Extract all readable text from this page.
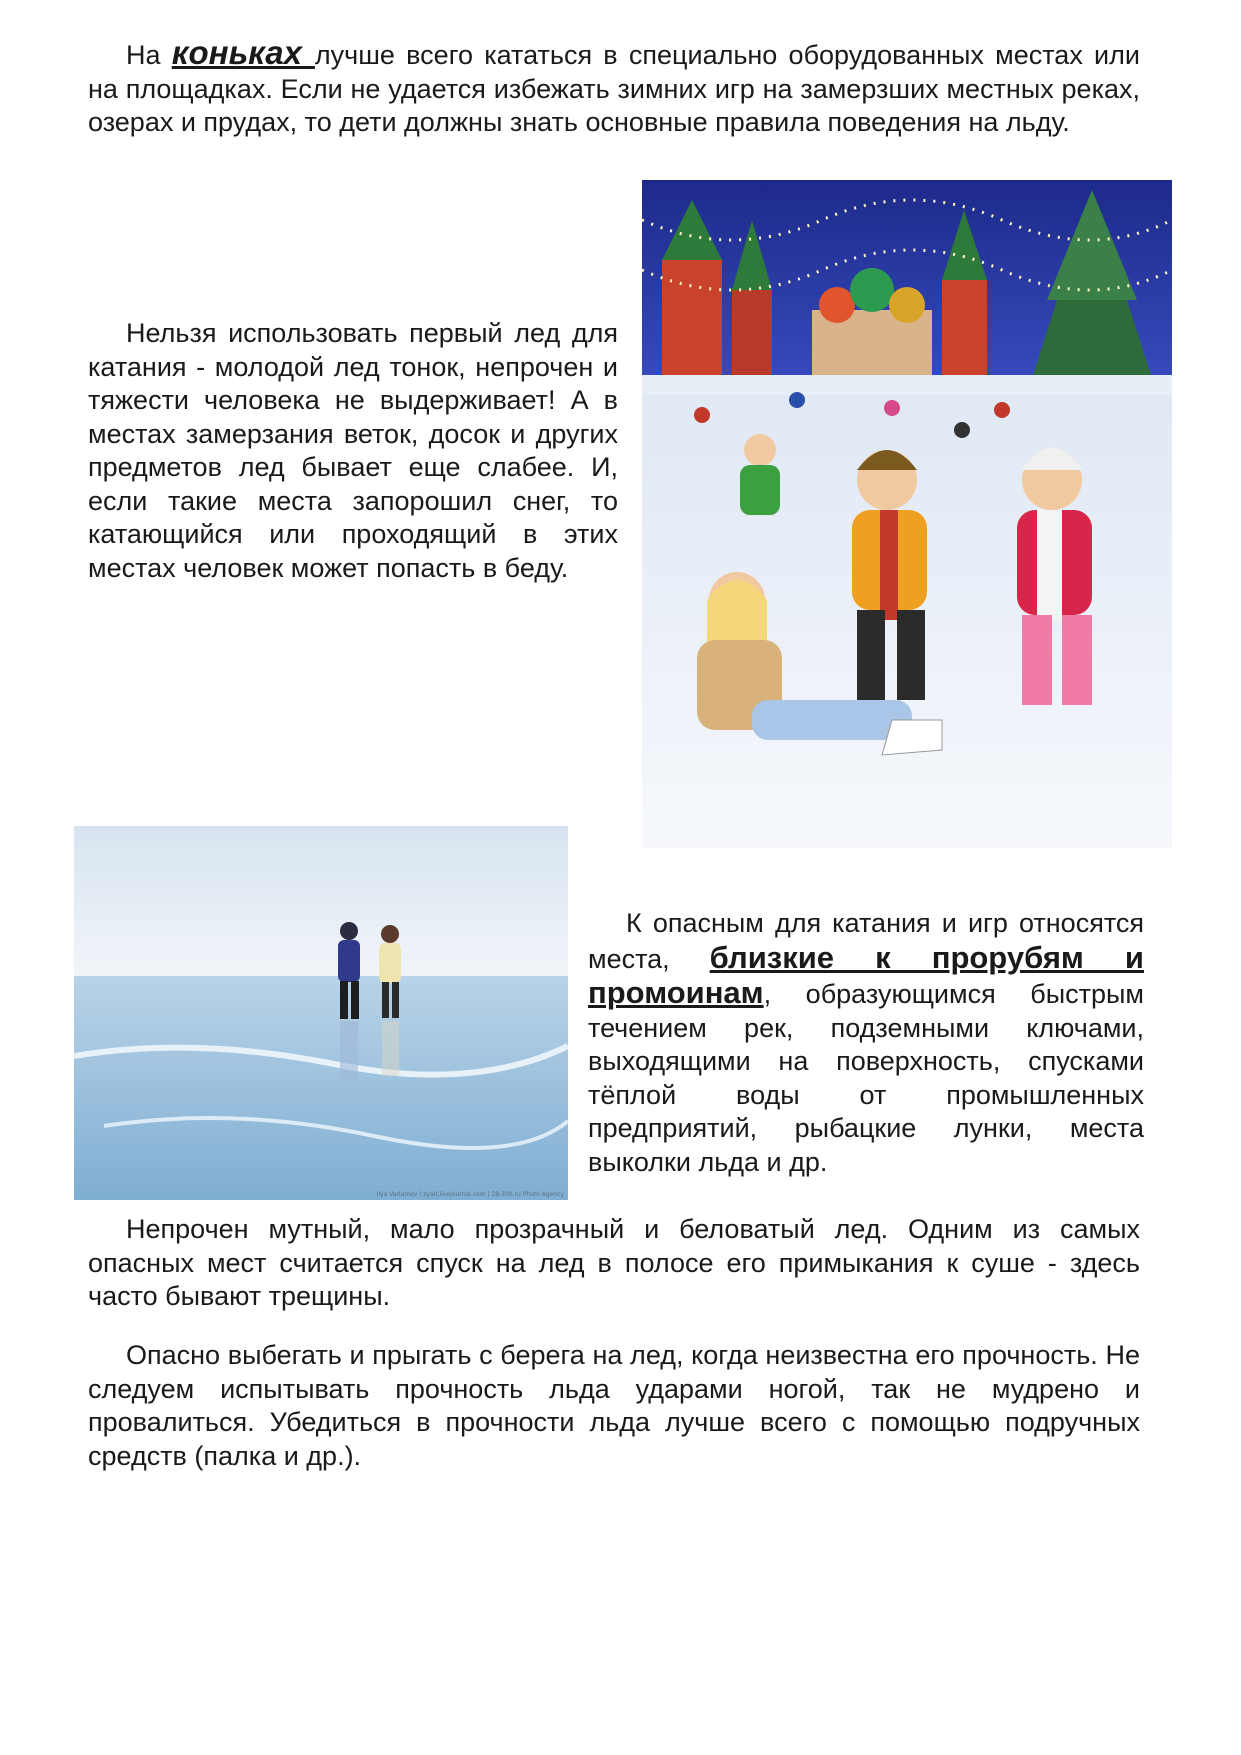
На коньках лучше всего кататься в специально оборудованных местах или на площадках. Если не удается избежать зимних игр на замерзших местных реках, озерах и прудах, то дети должны знать основные правила поведения на льду.

Нельзя использовать первый лед для катания - молодой лед тонок, непрочен и тяжести человека не выдерживает! А в местах замерзания веток, досок и других предметов лед бывает еще слабее. И, если такие места запорошил снег, то катающийся или проходящий в этих местах человек может попасть в беду.

Ilya Varlamov | zyalt.livejournal.com | 28-300.ru Photo Agency

К опасным для катания и игр относятся места, близкие к прорубям и промоинам, образующимся быстрым течением рек, подземными ключами, выходящими на поверхность, спусками тёплой воды от промышленных предприятий, рыбацкие лунки, места выколки льда и др.

Непрочен мутный, мало прозрачный и беловатый лед. Одним из самых опасных мест считается спуск на лед в полосе его примыкания к суше - здесь часто бывают трещины.

Опасно выбегать и прыгать с берега на лед, когда неизвестна его прочность. Не следуем испытывать прочность льда ударами ногой, так не мудрено и провалиться. Убедиться в прочности льда лучше всего с помощью подручных средств (палка и др.).
